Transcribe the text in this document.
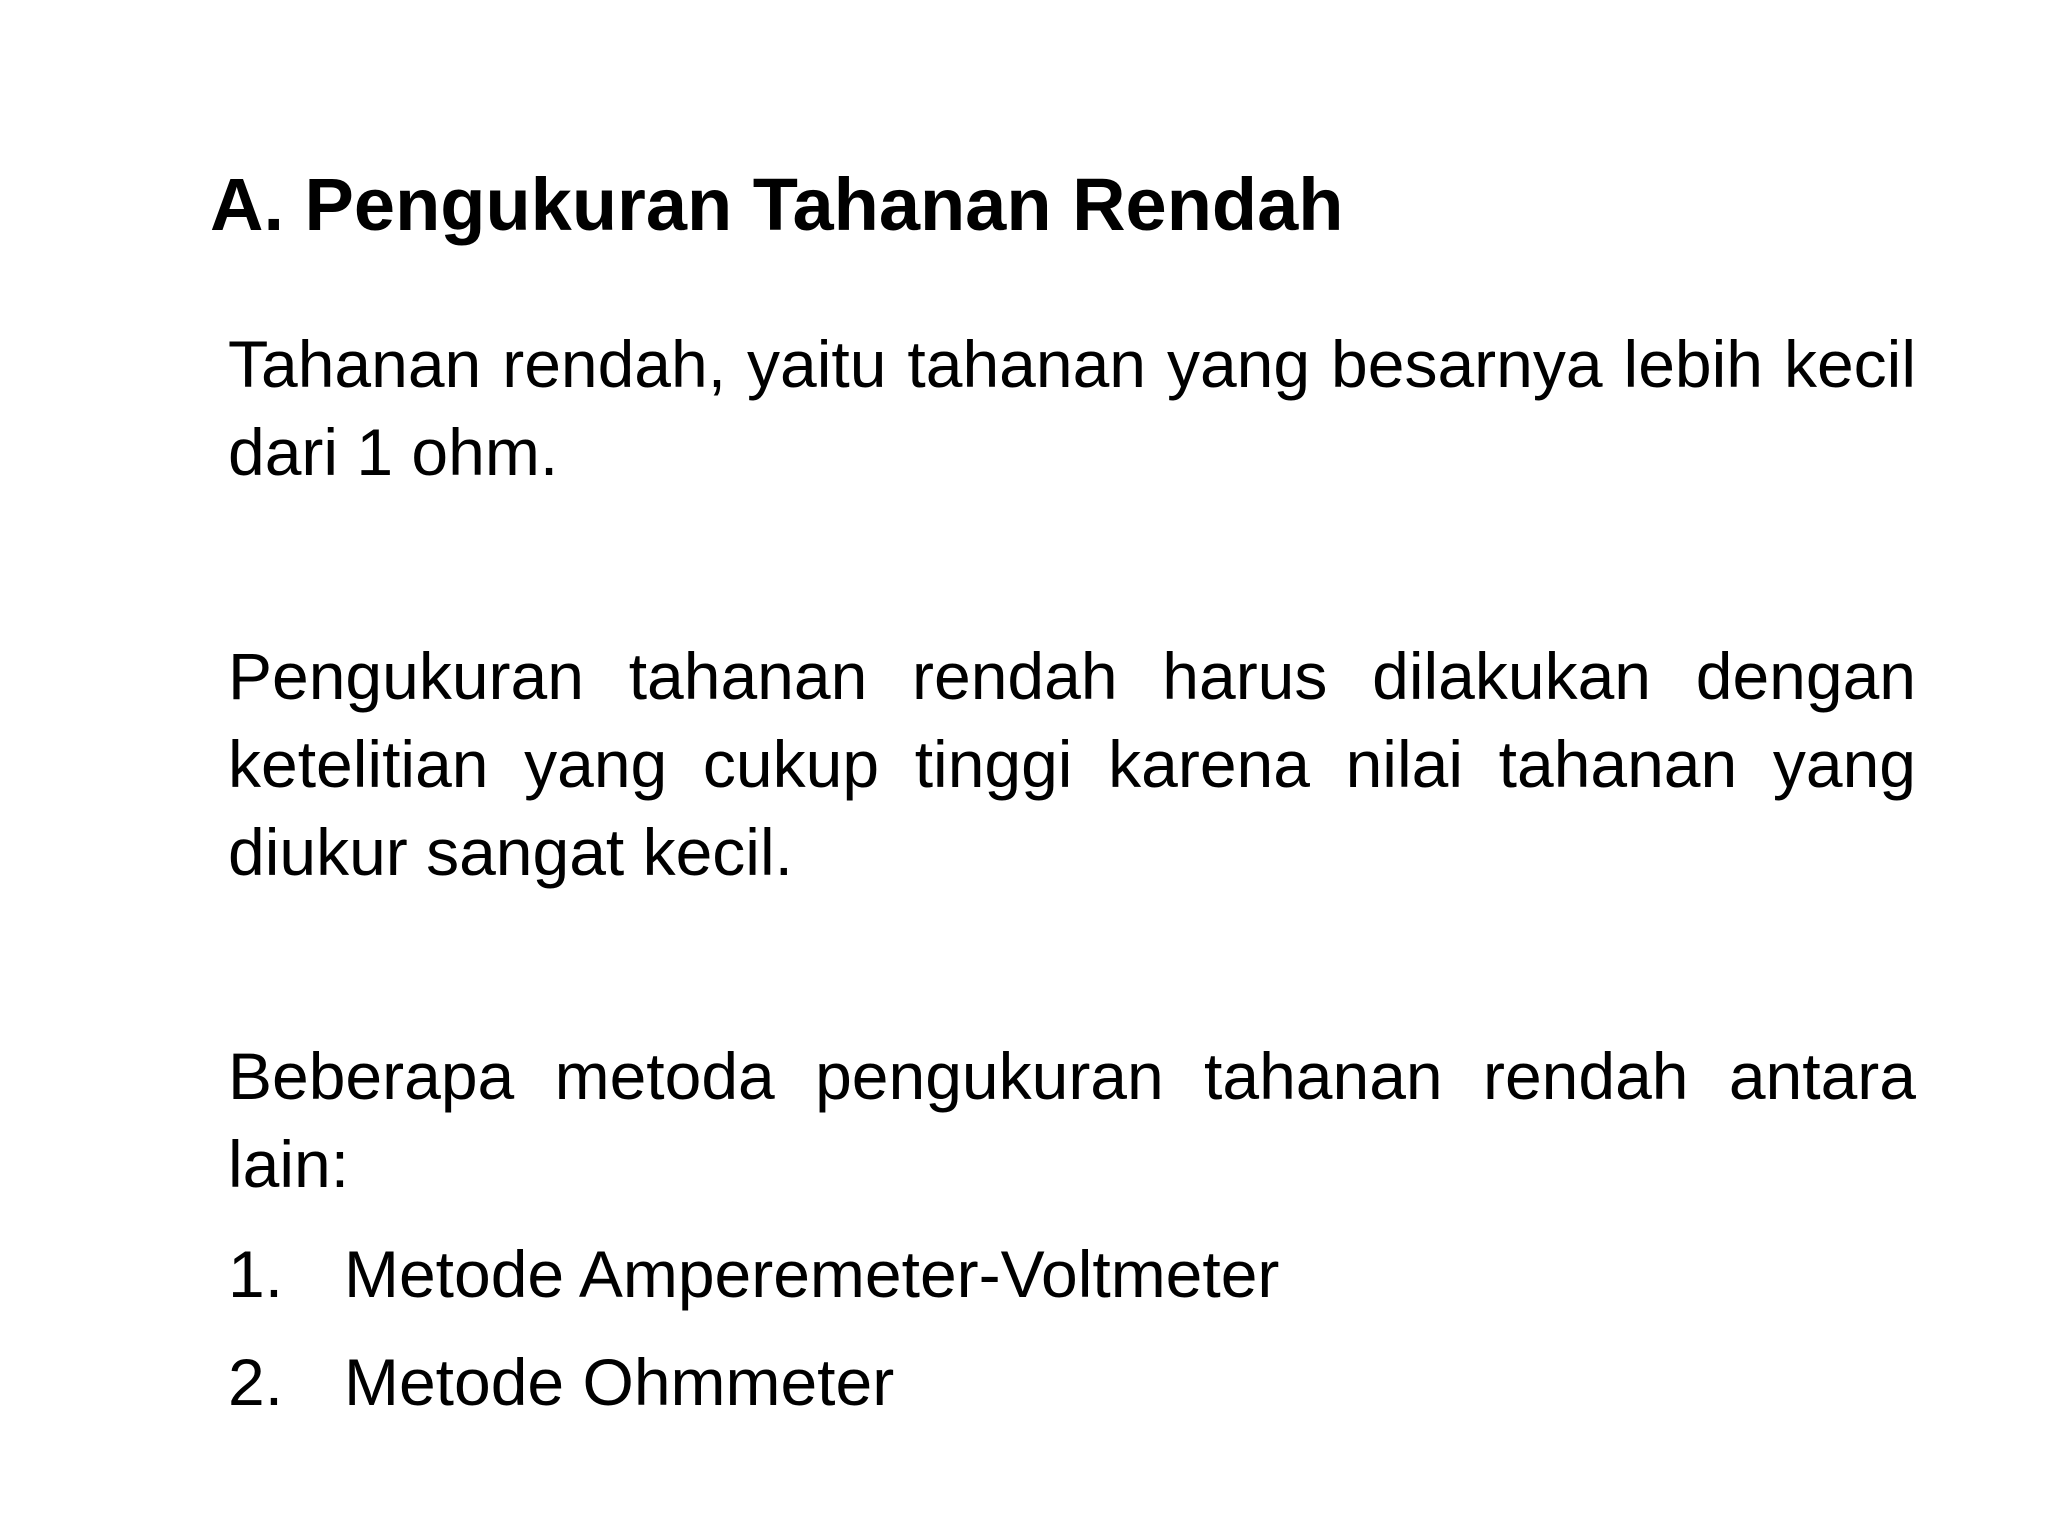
A. Pengukuran Tahanan Rendah

Tahanan rendah, yaitu tahanan yang besarnya lebih kecil dari 1 ohm.

Pengukuran tahanan rendah harus dilakukan dengan ketelitian yang cukup tinggi karena nilai tahanan yang diukur sangat kecil.

Beberapa metoda pengukuran tahanan rendah antara lain:

1. Metode Amperemeter-Voltmeter
2. Metode Ohmmeter
